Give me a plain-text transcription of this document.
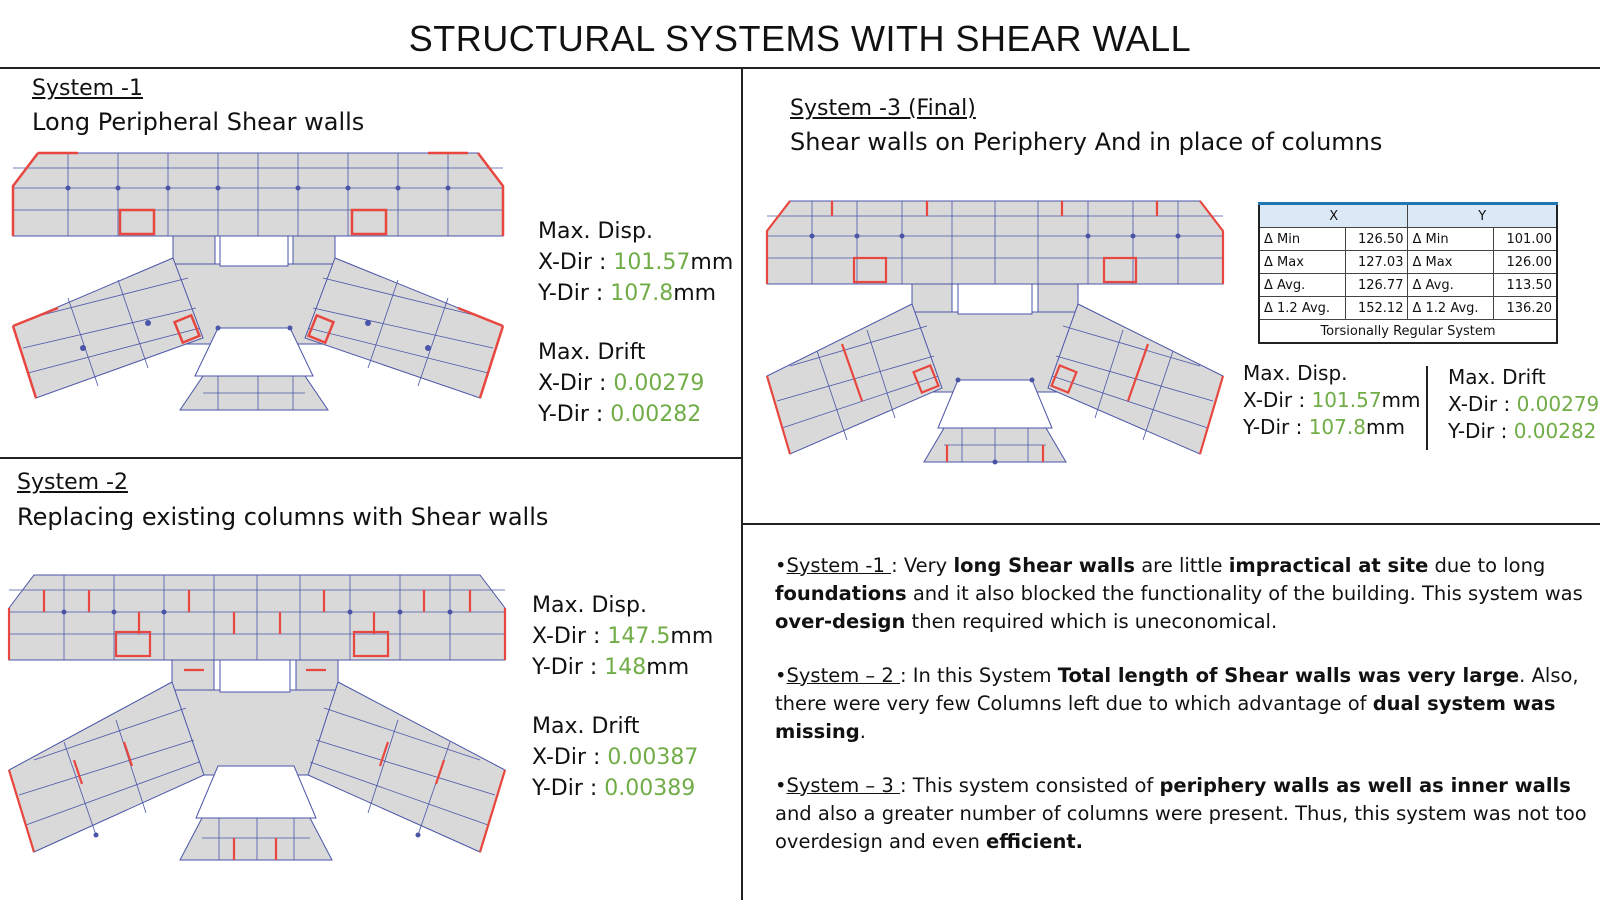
STRUCTURAL SYSTEMS WITH SHEAR WALL
System -1
Long Peripheral Shear walls
Max. Disp.
X-Dir : 101.57mm
Y-Dir : 107.8mm
Max. Drift
X-Dir : 0.00279
Y-Dir : 0.00282
System -2
Replacing existing columns with Shear walls
Max. Disp.
X-Dir : 147.5mm
Y-Dir : 148mm
Max. Drift
X-Dir : 0.00387
Y-Dir : 0.00389
System -3 (Final)
Shear walls on Periphery And in place of columns
X		Y	
Δ Min	126.50	Δ Min	101.00
Δ Max	127.03	Δ Max	126.00
Δ Avg.	126.77	Δ Avg.	113.50
Δ 1.2 Avg.	152.12	Δ 1.2 Avg.	136.20
Torsionally Regular System			
Max. Disp.
X-Dir : 101.57mm
Y-Dir : 107.8mm
Max. Drift
X-Dir : 0.00279
Y-Dir : 0.00282

•System -1 : Very long Shear walls are little impractical at site due to long foundations and it also blocked the functionality of the building. This system was over-design then required which is uneconomical.

•System – 2 : In this System Total length of Shear walls was very large. Also, there were very few Columns left due to which advantage of dual system was missing.

•System – 3 : This system consisted of periphery walls as well as inner walls and also a greater number of columns were present. Thus, this system was not too overdesign and even efficient.
